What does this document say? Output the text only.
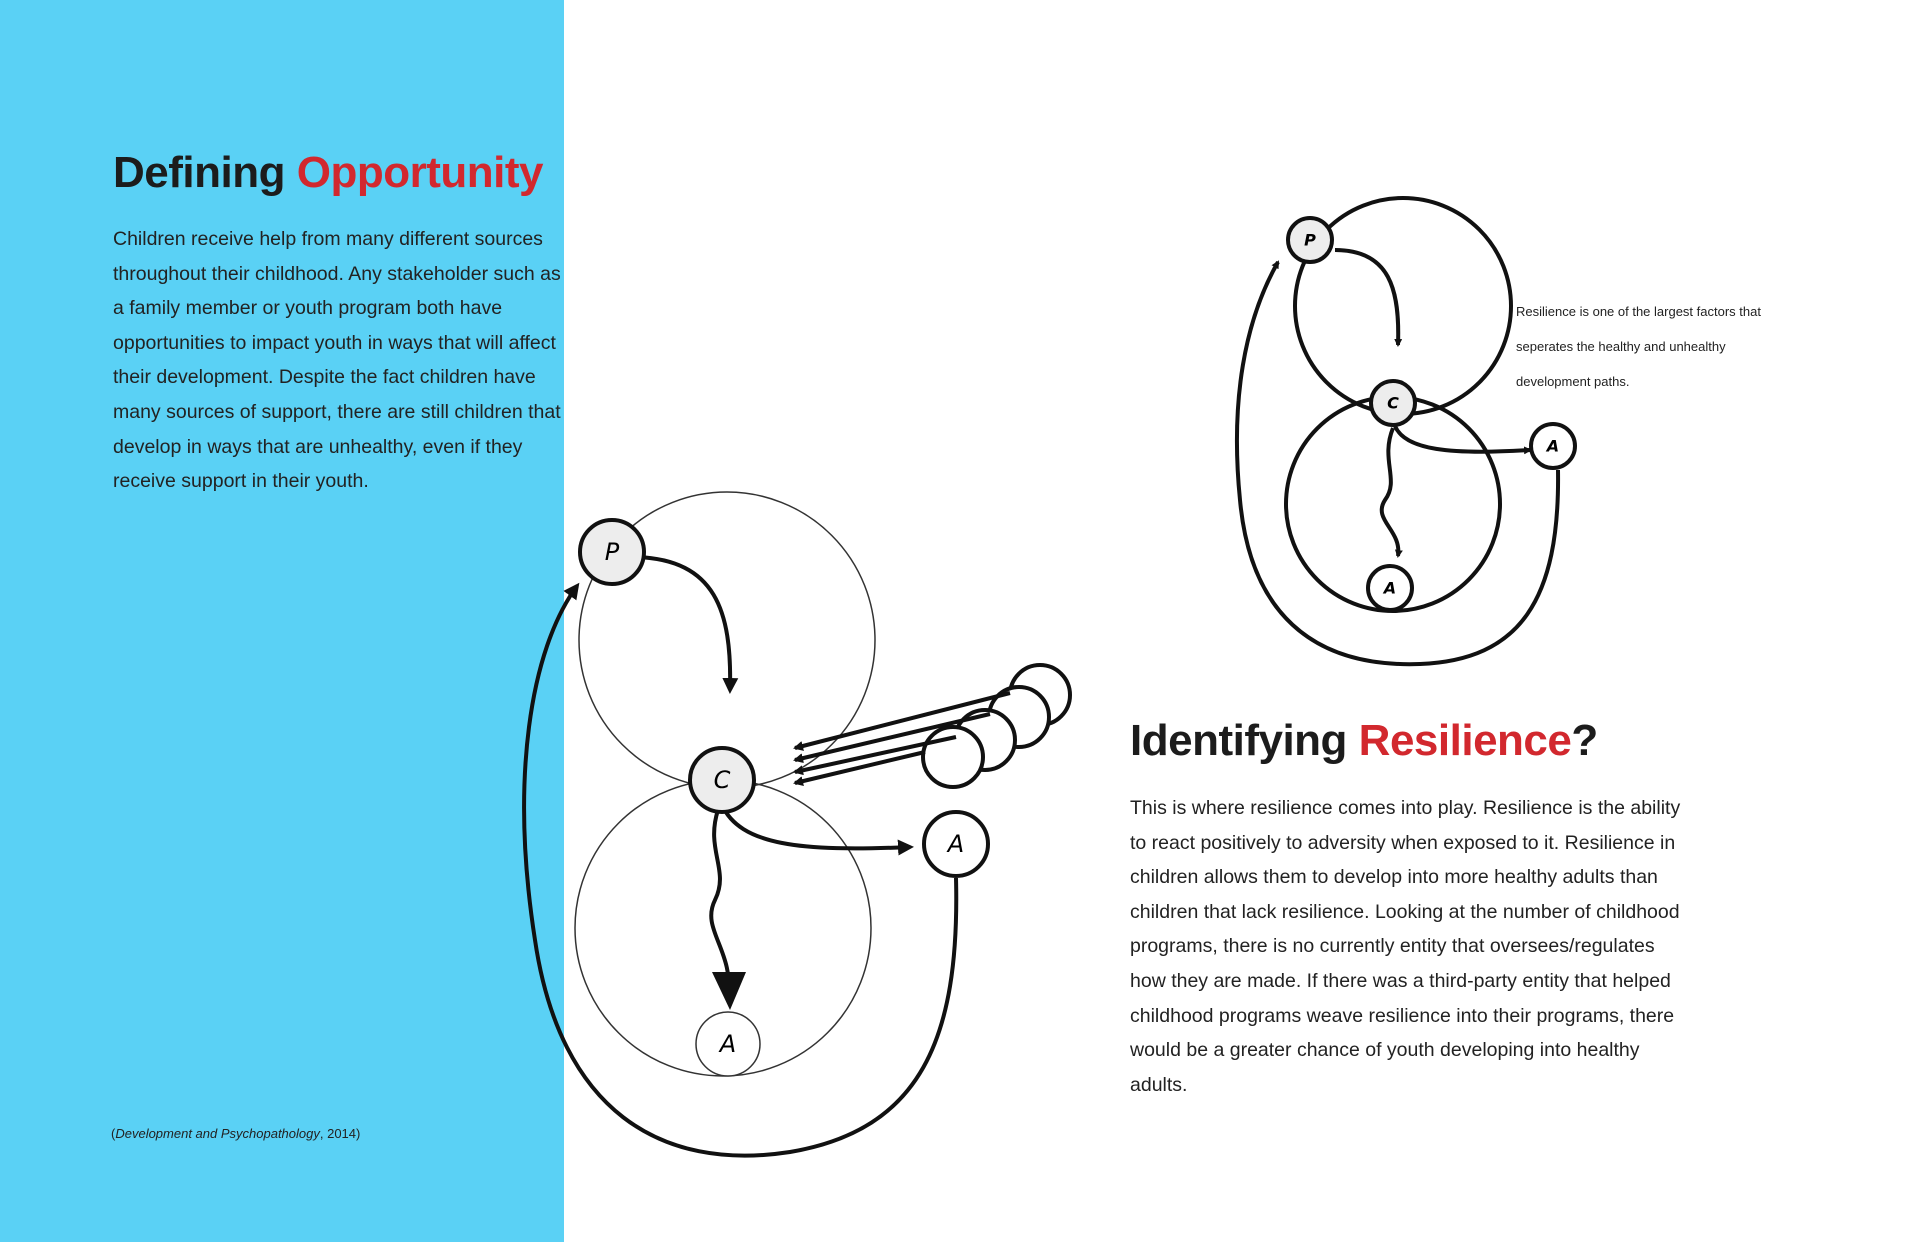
Defining Opportunity

Children receive help from many different sources throughout their childhood. Any stakeholder such as a family member or youth program both have opportunities to impact youth in ways that will affect their development. Despite the fact children have many sources of support, there are still children that develop in ways that are unhealthy, even if they receive support in their youth.

(Development and Psychopathology, 2014)

Identifying Resilience?

This is where resilience comes into play. Resilience is the ability to react positively to adversity when exposed to it. Resilience in children allows them to develop into more healthy adults than children that lack resilience. Looking at the number of childhood programs, there is no currently entity that oversees/regulates how they are made. If there was a third-party entity that helped childhood programs weave resilience into their programs, there would be a greater chance of youth developing into healthy adults.

Resilience is one of the largest factors that seperates the healthy and unhealthy development paths.

P
C
A
A
P
C
A
A
